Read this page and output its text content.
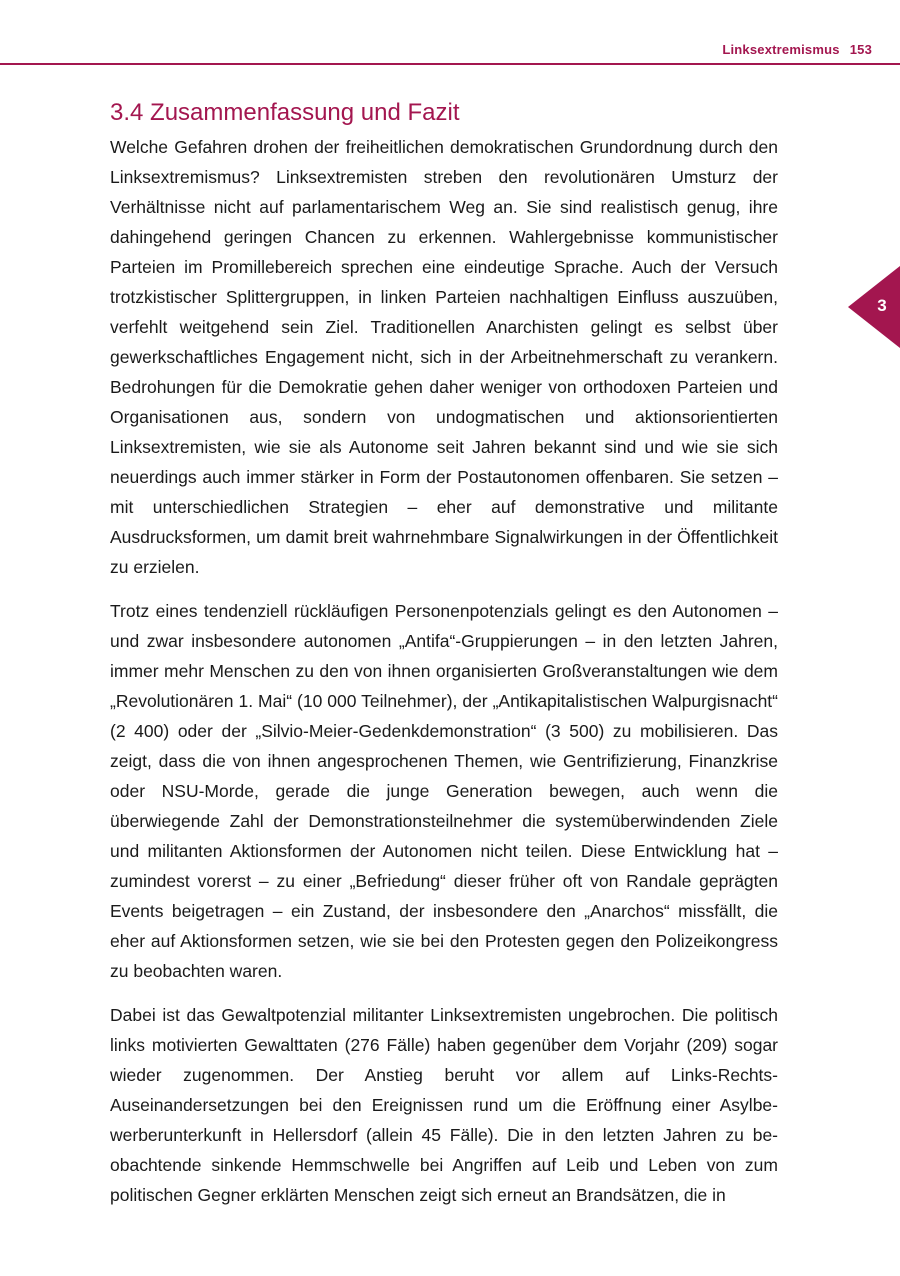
Linksextremismus 153
3
3.4 Zusammenfassung und Fazit

Welche Gefahren drohen der freiheitlichen demokratischen Grundordnung durch den Linksextremismus? Linksextremisten streben den revolutionären Umsturz der Verhältnisse nicht auf parlamentarischem Weg an. Sie sind realistisch genug, ihre dahingehend geringen Chancen zu erkennen. Wahlergebnisse kommunistischer Parteien im Promillebereich sprechen eine eindeutige Sprache. Auch der Versuch trotzkistischer Splittergruppen, in linken Parteien nachhaltigen Einfluss auszuüben, verfehlt weitgehend sein Ziel. Traditionellen Anarchisten gelingt es selbst über gewerkschaftliches Engagement nicht, sich in der Arbeitnehmerschaft zu verankern. Bedrohungen für die Demokratie gehen daher weniger von orthodoxen Parteien und Organisationen aus, sondern von undogmatischen und aktionsorientierten Linksextremisten, wie sie als Autonome seit Jahren bekannt sind und wie sie sich neuerdings auch immer stärker in Form der Postautonomen offenbaren. Sie setzen – mit unterschiedlichen Strategien – eher auf demonstrative und militante Ausdrucksformen, um damit breit wahrnehmbare Signalwirkungen in der Öffentlichkeit zu erzielen.

Trotz eines tendenziell rückläufigen Personenpotenzials gelingt es den Autonomen – und zwar insbesondere autonomen „Antifa“-Gruppierungen – in den letzten Jahren, immer mehr Menschen zu den von ihnen organisierten Großveranstaltungen wie dem „Revolutionären 1. Mai“ (10 000 Teilnehmer), der „Antikapitalistischen Walpurgisnacht“ (2 400) oder der „Silvio-Meier-Gedenkdemonstration“ (3 500) zu mobilisieren. Das zeigt, dass die von ihnen angesprochenen Themen, wie Gentrifizierung, Finanzkrise oder NSU-Morde, gerade die junge Generation bewegen, auch wenn die überwiegende Zahl der Demonstrationsteilnehmer die systemüberwindenden Ziele und militanten Aktionsformen der Autonomen nicht teilen. Diese Entwicklung hat – zumindest vorerst – zu einer „Befriedung“ dieser früher oft von Randale geprägten Events beigetragen – ein Zustand, der insbesondere den „Anarchos“ missfällt, die eher auf Aktionsformen setzen, wie sie bei den Protesten gegen den Polizeikongress zu beobachten waren.

Dabei ist das Gewaltpotenzial militanter Linksextremisten ungebrochen. Die politisch links motivierten Gewalttaten (276 Fälle) haben gegenüber dem Vorjahr (209) sogar wieder zugenommen. Der Anstieg beruht vor allem auf Links-Rechts-Auseinandersetzungen bei den Ereignissen rund um die Eröffnung einer Asylbewerberunterkunft in Hellersdorf (allein 45 Fälle). Die in den letzten Jahren zu beobachtende sinkende Hemmschwelle bei Angriffen auf Leib und Leben von zum politischen Gegner erklärten Menschen zeigt sich erneut an Brandsätzen, die in
